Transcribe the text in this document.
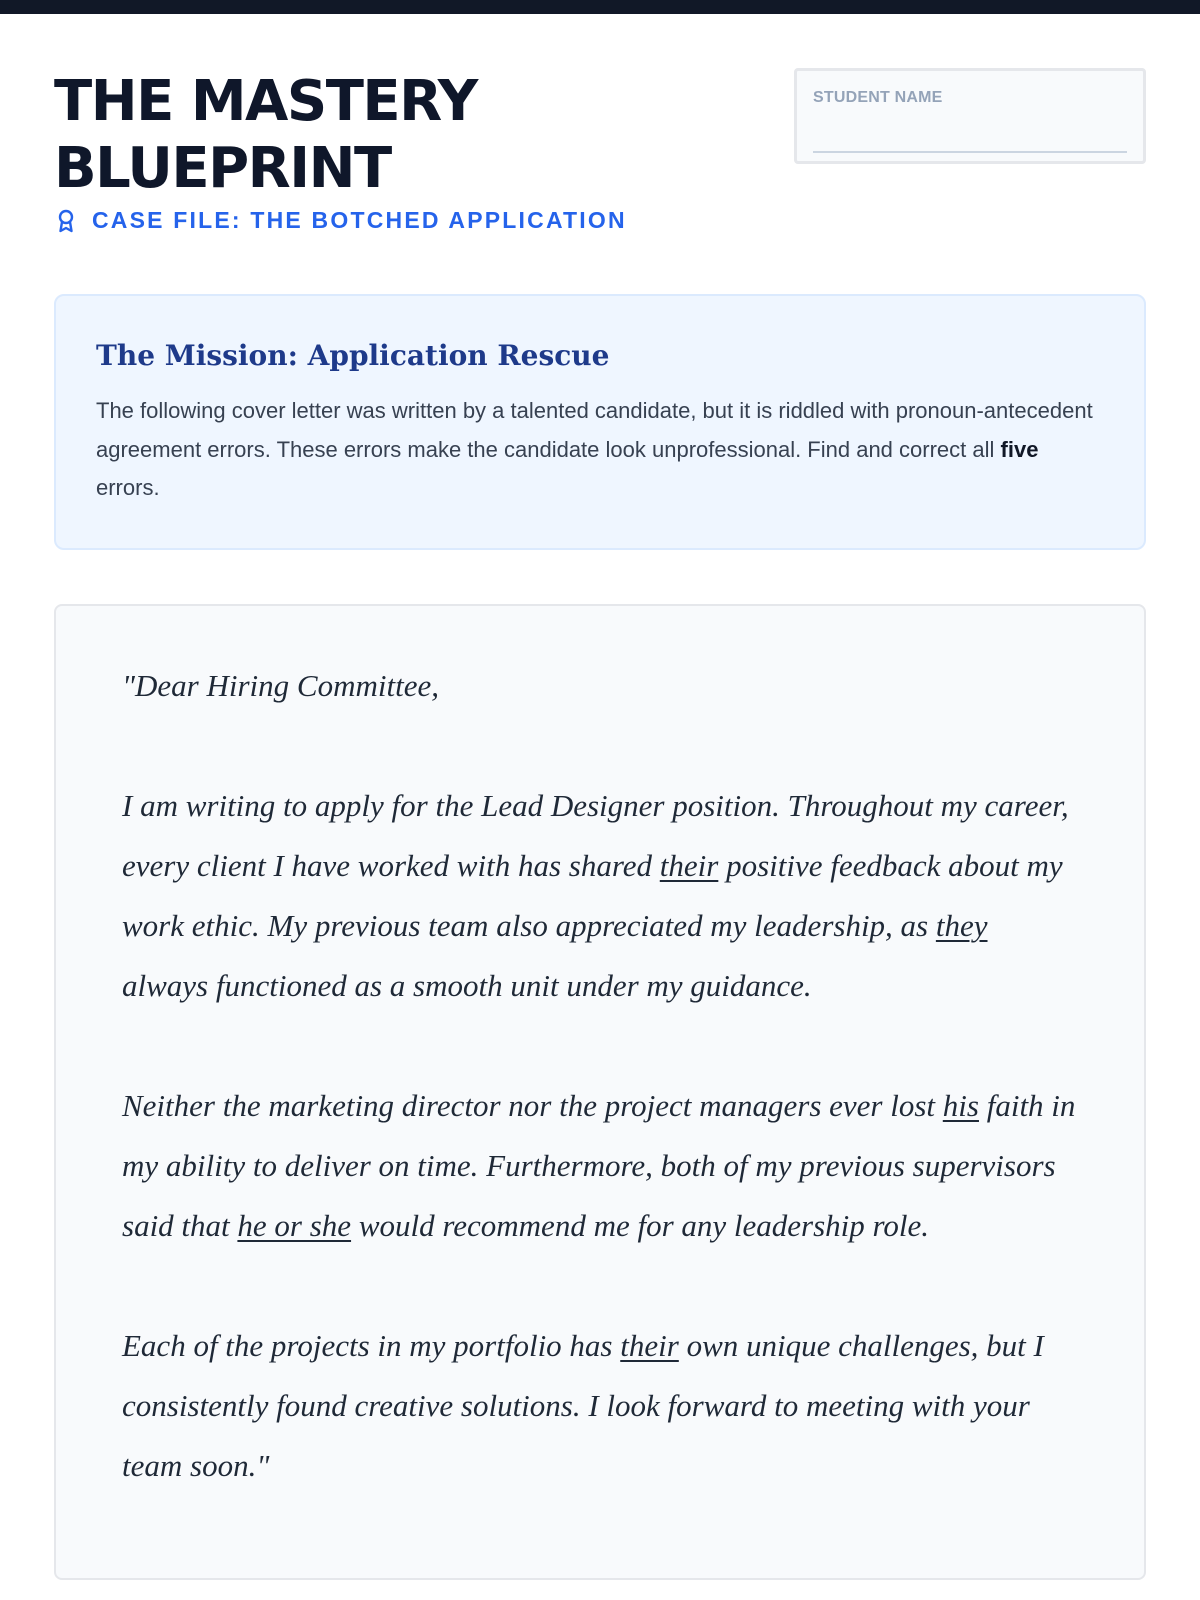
THE MASTERY
BLUEPRINT
CASE FILE: THE BOTCHED APPLICATION
STUDENT NAME
The Mission: Application Rescue

The following cover letter was written by a talented candidate, but it is riddled with pronoun-antecedent agreement errors. These errors make the candidate look unprofessional. Find and correct all five errors.

"Dear Hiring Committee,

I am writing to apply for the Lead Designer position. Throughout my career, every client I have worked with has shared their positive feedback about my work ethic. My previous team also appreciated my leadership, as they always functioned as a smooth unit under my guidance.

Neither the marketing director nor the project managers ever lost his faith in my ability to deliver on time. Furthermore, both of my previous supervisors said that he or she would recommend me for any leadership role.

Each of the projects in my portfolio has their own unique challenges, but I consistently found creative solutions. I look forward to meeting with your team soon."
